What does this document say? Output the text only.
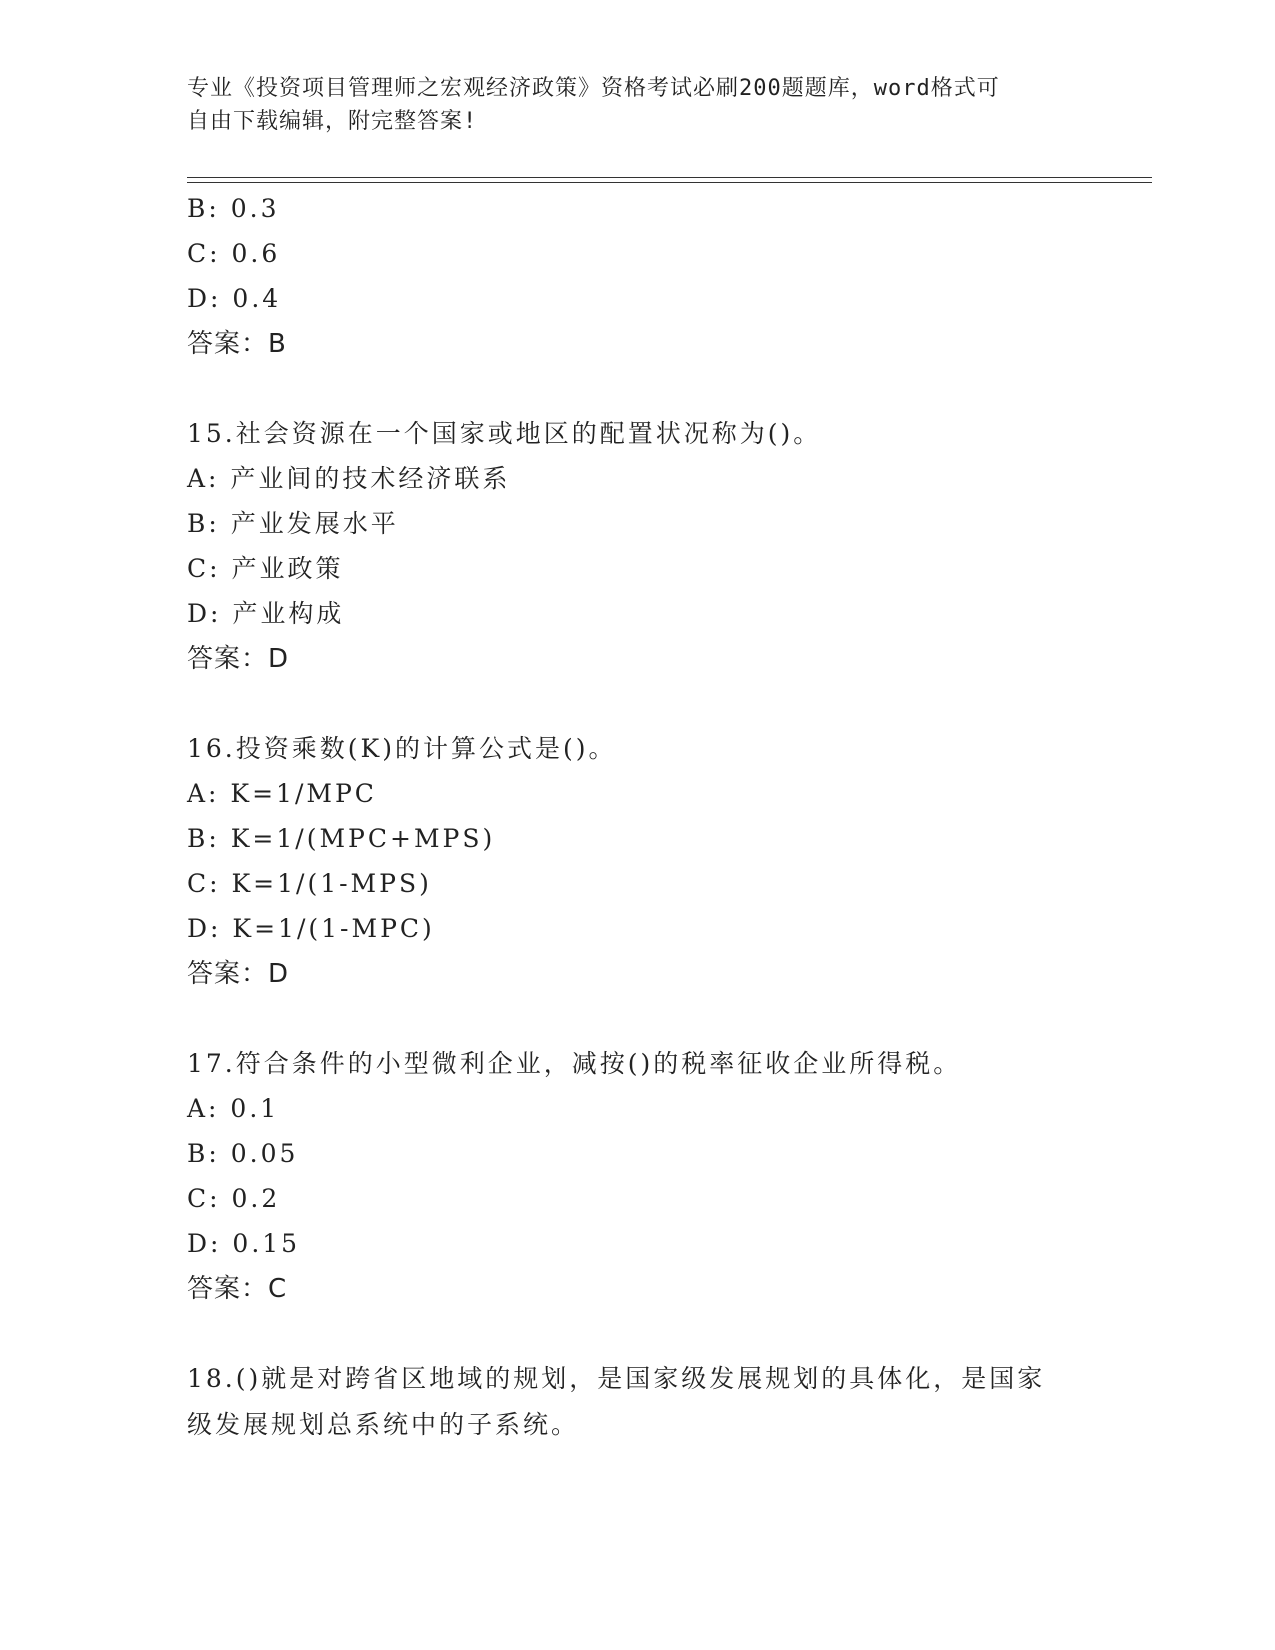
专业《投资项目管理师之宏观经济政策》资格考试必刷200题题库，word格式可
自由下载编辑，附完整答案!
B: 0.3
C: 0.6
D: 0.4
答案：B
15.社会资源在一个国家或地区的配置状况称为()。
A: 产业间的技术经济联系
B: 产业发展水平
C: 产业政策
D: 产业构成
答案：D
16.投资乘数(K)的计算公式是()。
A: K=1/MPC
B: K=1/(MPC+MPS)
C: K=1/(1-MPS)
D: K=1/(1-MPC)
答案：D
17.符合条件的小型微利企业，减按()的税率征收企业所得税。
A: 0.1
B: 0.05
C: 0.2
D: 0.15
答案：C
18.()就是对跨省区地域的规划，是国家级发展规划的具体化，是国家
级发展规划总系统中的子系统。
